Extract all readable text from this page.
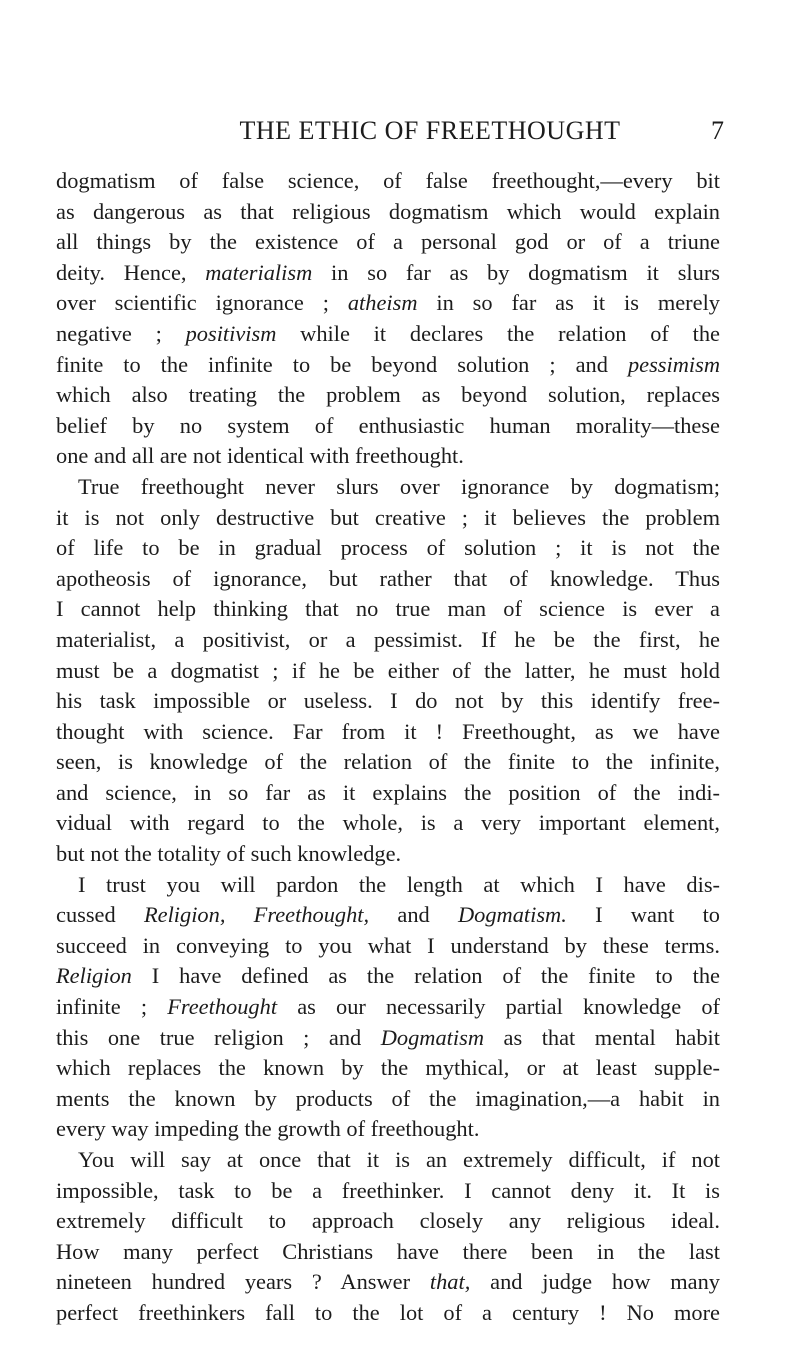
THE ETHIC OF FREETHOUGHT	7
dogmatism of false science, of false freethought,—every bit
as dangerous as that religious dogmatism which would explain
all things by the existence of a personal god or of a triune
deity. Hence, materialism in so far as by dogmatism it slurs
over scientific ignorance ; atheism in so far as it is merely
negative ; positivism while it declares the relation of the
finite to the infinite to be beyond solution ; and pessimism
which also treating the problem as beyond solution, replaces
belief by no system of enthusiastic human morality—these
one and all are not identical with freethought.
True freethought never slurs over ignorance by dogmatism;
it is not only destructive but creative ; it believes the problem
of life to be in gradual process of solution ; it is not the
apotheosis of ignorance, but rather that of knowledge. Thus
I cannot help thinking that no true man of science is ever a
materialist, a positivist, or a pessimist. If he be the first, he
must be a dogmatist ; if he be either of the latter, he must hold
his task impossible or useless. I do not by this identify free-
thought with science. Far from it ! Freethought, as we have
seen, is knowledge of the relation of the finite to the infinite,
and science, in so far as it explains the position of the indi-
vidual with regard to the whole, is a very important element,
but not the totality of such knowledge.
I trust you will pardon the length at which I have dis-
cussed Religion, Freethought, and Dogmatism. I want to
succeed in conveying to you what I understand by these terms.
Religion I have defined as the relation of the finite to the
infinite ; Freethought as our necessarily partial knowledge of
this one true religion ; and Dogmatism as that mental habit
which replaces the known by the mythical, or at least supple-
ments the known by products of the imagination,—a habit in
every way impeding the growth of freethought.
You will say at once that it is an extremely difficult, if not
impossible, task to be a freethinker. I cannot deny it. It is
extremely difficult to approach closely any religious ideal.
How many perfect Christians have there been in the last
nineteen hundred years ? Answer that, and judge how many
perfect freethinkers fall to the lot of a century ! No more
